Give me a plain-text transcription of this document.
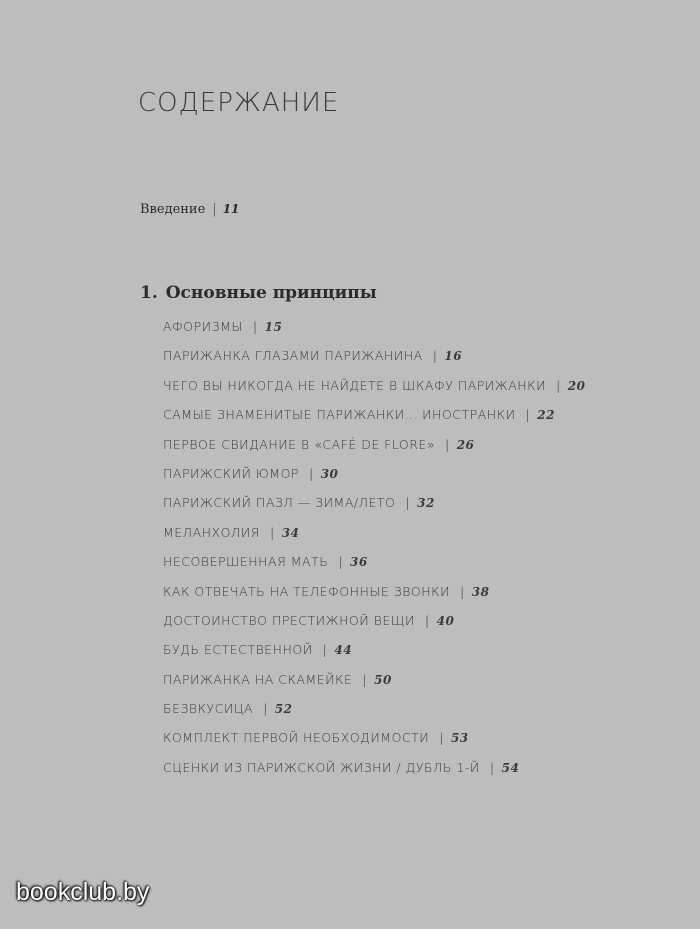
СОДЕРЖАНИЕ
Введение | 11
1. Основные принципы
АФОРИЗМЫ | 15
ПАРИЖАНКА ГЛАЗАМИ ПАРИЖАНИНА | 16
ЧЕГО ВЫ НИКОГДА НЕ НАЙДЕТЕ В ШКАФУ ПАРИЖАНКИ | 20
САМЫЕ ЗНАМЕНИТЫЕ ПАРИЖАНКИ… ИНОСТРАНКИ | 22
ПЕРВОЕ СВИДАНИЕ В «CAFÉ DE FLORE» | 26
ПАРИЖСКИЙ ЮМОР | 30
ПАРИЖСКИЙ ПАЗЛ — ЗИМА/ЛЕТО | 32
МЕЛАНХОЛИЯ | 34
НЕСОВЕРШЕННАЯ МАТЬ | 36
КАК ОТВЕЧАТЬ НА ТЕЛЕФОННЫЕ ЗВОНКИ | 38
ДОСТОИНСТВО ПРЕСТИЖНОЙ ВЕЩИ | 40
БУДЬ ЕСТЕСТВЕННОЙ | 44
ПАРИЖАНКА НА СКАМЕЙКЕ | 50
БЕЗВКУСИЦА | 52
КОМПЛЕКТ ПЕРВОЙ НЕОБХОДИМОСТИ | 53
СЦЕНКИ ИЗ ПАРИЖСКОЙ ЖИЗНИ / ДУБЛЬ 1-Й | 54
bookclub.by
